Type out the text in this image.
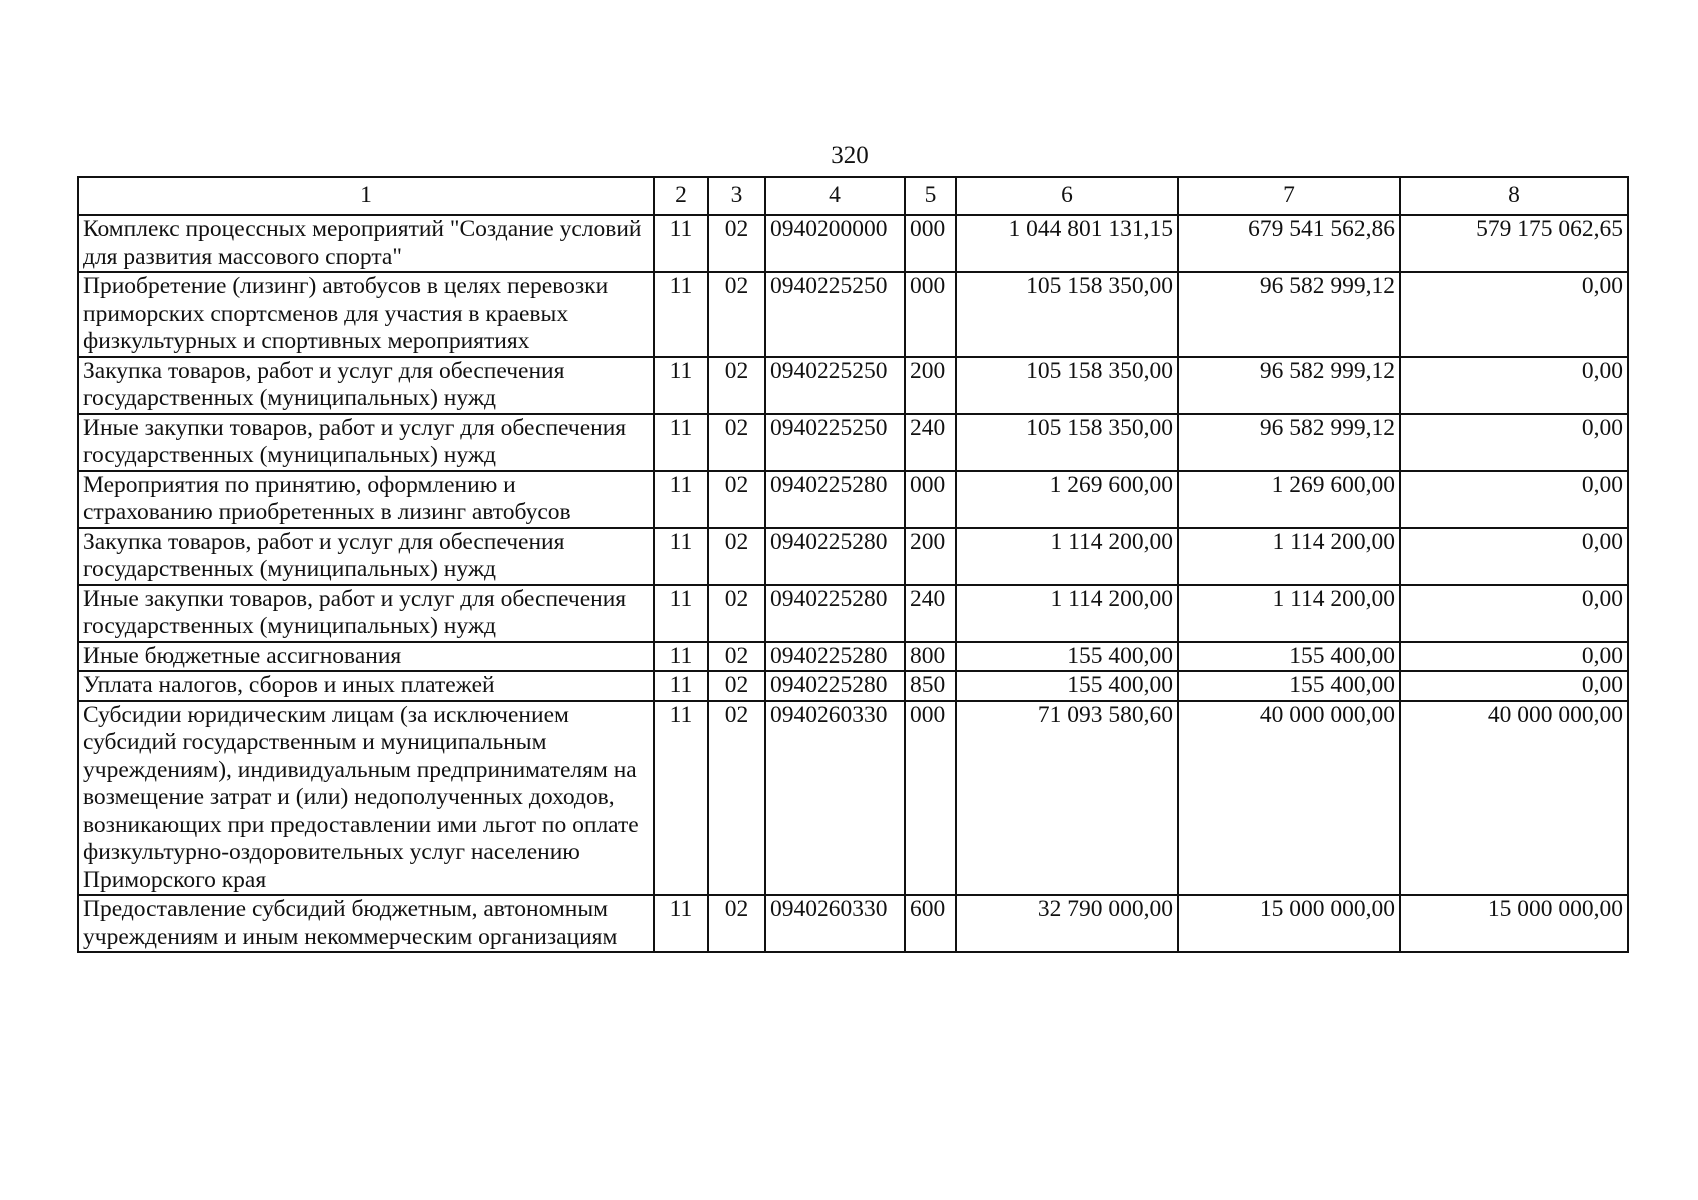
320
1	2	3	4	5	6	7	8
Комплекс процессных мероприятий "Создание условий для развития массового спорта"	11	02	0940200000	000	1 044 801 131,15	679 541 562,86	579 175 062,65
Приобретение (лизинг) автобусов в целях перевозки приморских спортсменов для участия в краевых физкультурных и спортивных мероприятиях	11	02	0940225250	000	105 158 350,00	96 582 999,12	0,00
Закупка товаров, работ и услуг для обеспечения государственных (муниципальных) нужд	11	02	0940225250	200	105 158 350,00	96 582 999,12	0,00
Иные закупки товаров, работ и услуг для обеспечения государственных (муниципальных) нужд	11	02	0940225250	240	105 158 350,00	96 582 999,12	0,00
Мероприятия по принятию, оформлению и страхованию приобретенных в лизинг автобусов	11	02	0940225280	000	1 269 600,00	1 269 600,00	0,00
Закупка товаров, работ и услуг для обеспечения государственных (муниципальных) нужд	11	02	0940225280	200	1 114 200,00	1 114 200,00	0,00
Иные закупки товаров, работ и услуг для обеспечения государственных (муниципальных) нужд	11	02	0940225280	240	1 114 200,00	1 114 200,00	0,00
Иные бюджетные ассигнования	11	02	0940225280	800	155 400,00	155 400,00	0,00
Уплата налогов, сборов и иных платежей	11	02	0940225280	850	155 400,00	155 400,00	0,00
Субсидии юридическим лицам (за исключением субсидий государственным и муниципальным учреждениям), индивидуальным предпринимателям на возмещение затрат и (или) недополученных доходов, возникающих при предоставлении ими льгот по оплате физкультурно-оздоровительных услуг населению Приморского края	11	02	0940260330	000	71 093 580,60	40 000 000,00	40 000 000,00
Предоставление субсидий бюджетным, автономным учреждениям и иным некоммерческим организациям	11	02	0940260330	600	32 790 000,00	15 000 000,00	15 000 000,00
